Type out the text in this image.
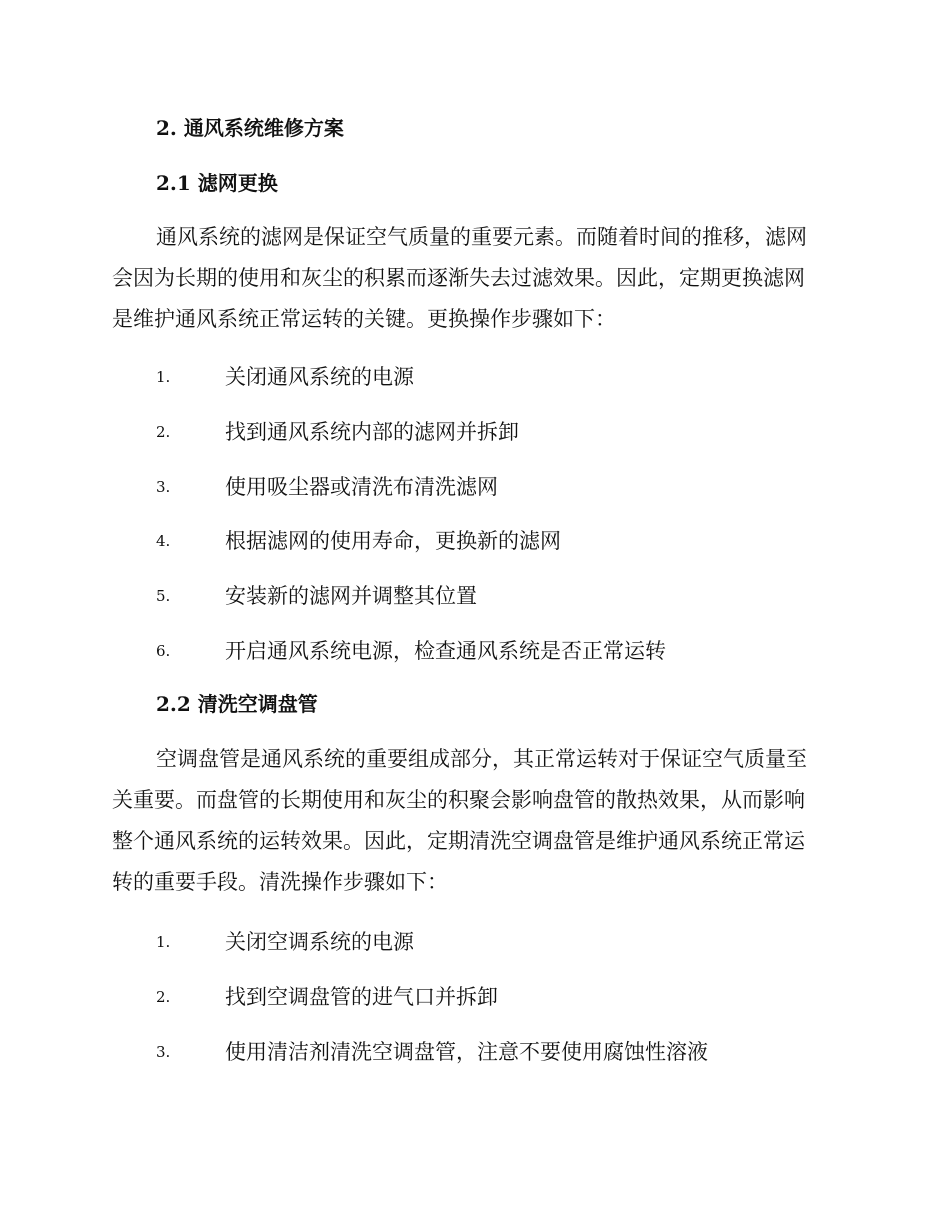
2. 通风系统维修方案
2.1 滤网更换
通风系统的滤网是保证空气质量的重要元素。而随着时间的推移，滤网
会因为长期的使用和灰尘的积累而逐渐失去过滤效果。因此，定期更换滤网
是维护通风系统正常运转的关键。更换操作步骤如下：
1.	关闭通风系统的电源
2.	找到通风系统内部的滤网并拆卸
3.	使用吸尘器或清洗布清洗滤网
4.	根据滤网的使用寿命，更换新的滤网
5.	安装新的滤网并调整其位置
6.	开启通风系统电源，检查通风系统是否正常运转
2.2 清洗空调盘管
空调盘管是通风系统的重要组成部分，其正常运转对于保证空气质量至
关重要。而盘管的长期使用和灰尘的积聚会影响盘管的散热效果，从而影响
整个通风系统的运转效果。因此，定期清洗空调盘管是维护通风系统正常运
转的重要手段。清洗操作步骤如下：
1.	关闭空调系统的电源
2.	找到空调盘管的进气口并拆卸
3.	使用清洁剂清洗空调盘管，注意不要使用腐蚀性溶液
